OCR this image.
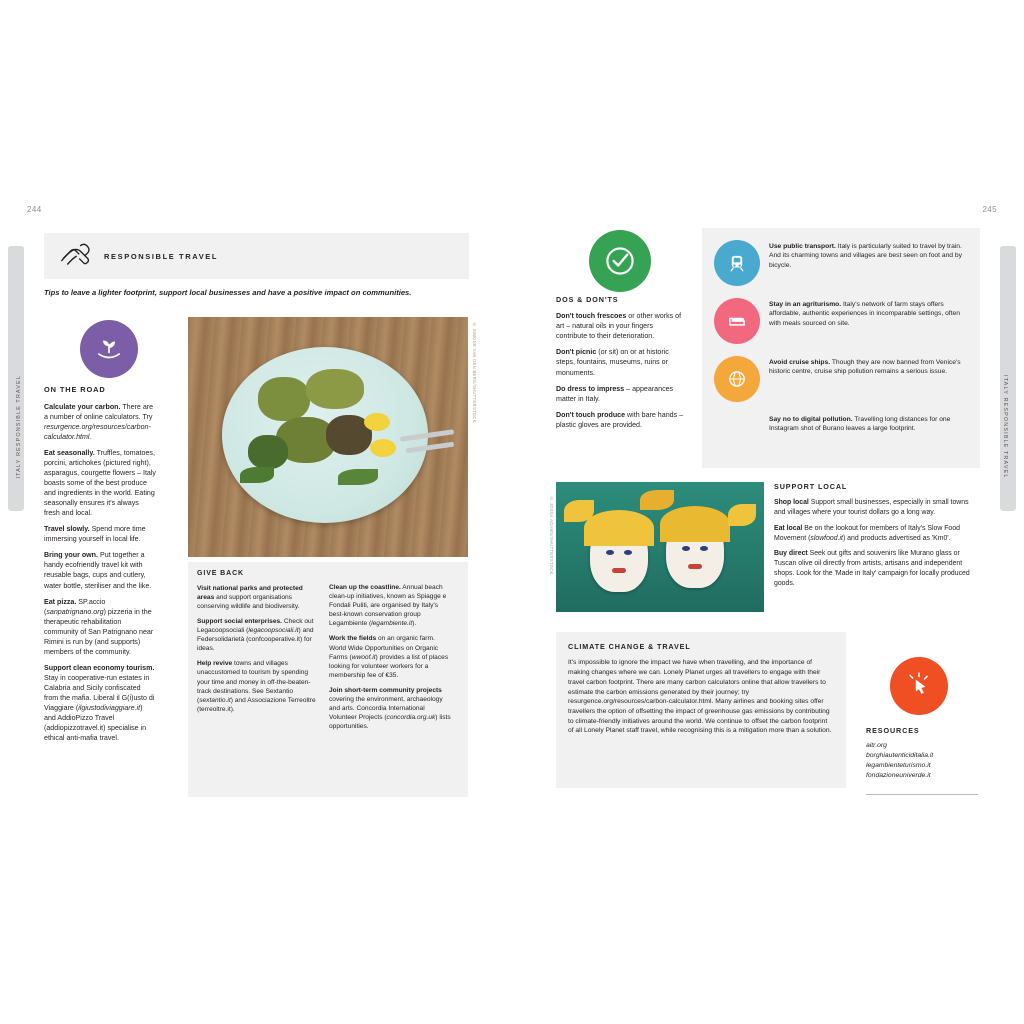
ITALY RESPONSIBLE TRAVEL	ITALY RESPONSIBLE TRAVEL
244	245
RESPONSIBLE TRAVEL
Tips to leave a lighter footprint, support local businesses and have a positive impact on communities.
ON THE ROAD

Calculate your carbon. There are a number of online calculators. Try resurgence.org/resources/carbon-calculator.html.

Eat seasonally. Truffles, tomatoes, porcini, artichokes (pictured right), asparagus, courgette flowers – Italy boasts some of the best produce and ingredients in the world. Eating seasonally ensures it's always fresh and local.

Travel slowly. Spend more time immersing yourself in local life.

Bring your own. Put together a handy ecofriendly travel kit with reusable bags, cups and cutlery, water bottle, steriliser and the like.

Eat pizza. SP.accio (sanpatrignano.org) pizzeria in the therapeutic rehabilitation community of San Patrignano near Rimini is run by (and supports) members of the community.

Support clean economy tourism. Stay in cooperative-run estates in Calabria and Sicily confiscated from the mafia. Liberal il G(i)usto di Viaggiare (ilgiustodiviaggiare.it) and AddioPizzo Travel (addiopizzotravel.it) specialise in ethical anti-mafia travel.

© SIMONE VAN DEN BERG/SHUTTERSTOCK
GIVE BACK

Visit national parks and protected areas and support organisations conserving wildlife and biodiversity.

Support social enterprises. Check out Legacoopsociali (legacoopsociali.it) and Federsolidarietà (confcooperative.it) for ideas.

Help revive towns and villages unaccustomed to tourism by spending your time and money in off-the-beaten-track destinations. See Sextantio (sextantio.it) and Associazione Terreoltre (terreoltre.it).

Clean up the coastline. Annual beach clean-up initiatives, known as Spiagge e Fondali Puliti, are organised by Italy's best-known conservation group Legambiente (legambiente.it).

Work the fields on an organic farm. World Wide Opportunities on Organic Farms (wwoof.it) provides a list of places looking for volunteer workers for a membership fee of €35.

Join short-term community projects covering the environment, archaeology and arts. Concordia International Volunteer Projects (concordia.org.uk) lists opportunities.

DOS & DON'TS

Don't touch frescoes or other works of art – natural oils in your fingers contribute to their deterioration.

Don't picnic (or sit) on or at historic steps, fountains, museums, ruins or monuments.

Do dress to impress – appearances matter in Italy.

Don't touch produce with bare hands – plastic gloves are provided.

Use public transport. Italy is particularly suited to travel by train. And its charming towns and villages are best seen on foot and by bicycle.
Stay in an agriturismo. Italy's network of farm stays offers affordable, authentic experiences in incomparable settings, often with meals sourced on site.
Avoid cruise ships. Though they are now banned from Venice's historic centre, cruise ship pollution remains a serious issue.
Say no to digital pollution. Travelling long distances for one Instagram shot of Burano leaves a large footprint.
© JOSSA ADAMS/SHUTTERSTOCK
SUPPORT LOCAL

Shop local Support small businesses, especially in small towns and villages where your tourist dollars go a long way.

Eat local Be on the lookout for members of Italy's Slow Food Movement (slowfood.it) and products advertised as 'Km0'.

Buy direct Seek out gifts and souvenirs like Murano glass or Tuscan olive oil directly from artists, artisans and independent shops. Look for the 'Made in Italy' campaign for locally produced goods.

CLIMATE CHANGE & TRAVEL

It's impossible to ignore the impact we have when travelling, and the importance of making changes where we can. Lonely Planet urges all travellers to engage with their travel carbon footprint. There are many carbon calculators online that allow travellers to estimate the carbon emissions generated by their journey; try resurgence.org/resources/carbon-calculator.html. Many airlines and booking sites offer travellers the option of offsetting the impact of greenhouse gas emissions by contributing to climate-friendly initiatives around the world. We continue to offset the carbon footprint of all Lonely Planet staff travel, while recognising this is a mitigation more than a solution.	RESOURCES
aitr.org
borghiautenticiditalia.it
legambienteturismo.it
fondazioneuniverde.it
